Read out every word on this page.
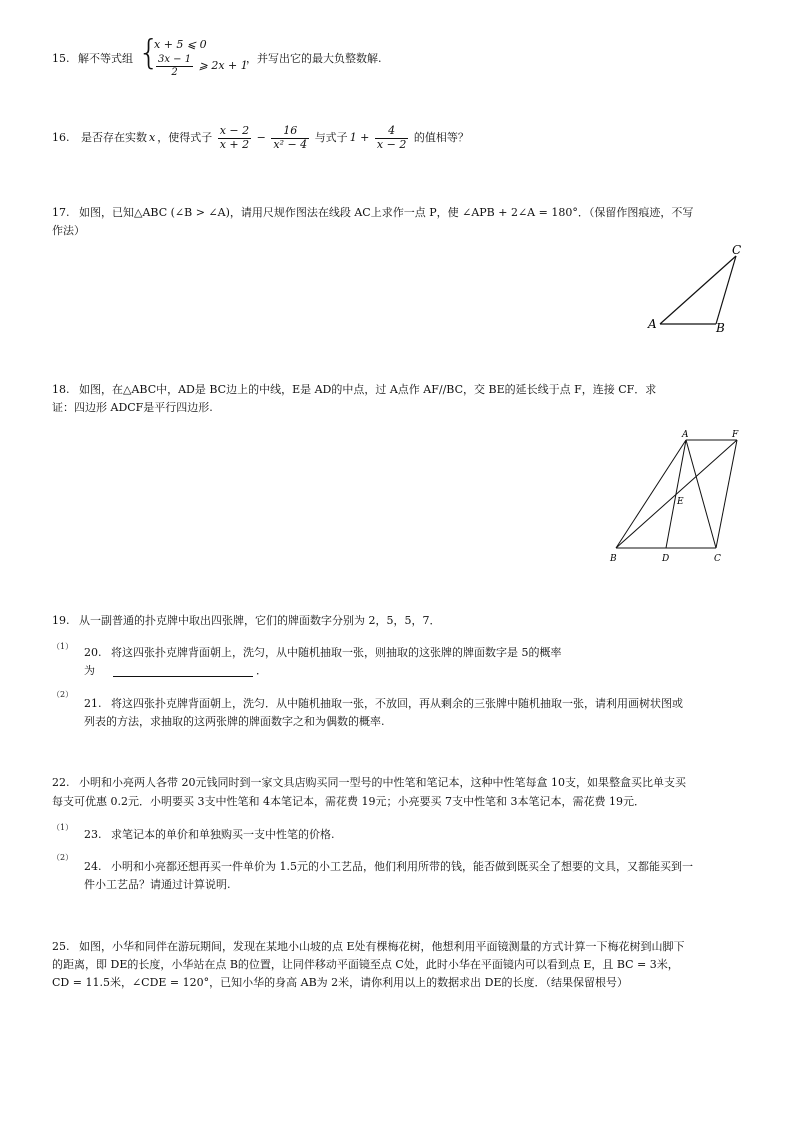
15. 解不等式组 {
x + 5 ⩽ 0
$\frac{3x - 1}{2}$ ⩾ 2x + 1
，并写出它的最大负整数解.
16. 是否存在实数 x ，使得式子 $\frac{x - 2}{x + 2} - \frac{16}{\text{x² − 4}}$ 与式子 $1 + \frac{4}{x - 2}$ 的值相等？
17. 如图，已知△ABC (∠B > ∠A)，请用尺规作图法在线段 AC上求作一点 P，使 ∠APB + 2∠A = 180°．（保留作图痕迹，不写
作法）
A	B
C
18. 如图，在△ABC中，AD是 BC边上的中线，E是 AD的中点，过 A点作 AF//BC，交 BE的延长线于点 F，连接 CF．求
证：四边形 ADCF是平行四边形.
A	F
E
B	D	C
19. 从一副普通的扑克牌中取出四张牌，它们的牌面数字分别为 2，5，5，7．
（1） 20. 将这四张扑克牌背面朝上，洗匀，从中随机抽取一张，则抽取的这张牌的牌面数字是 5的概率
为	．
（2）
21. 将这四张扑克牌背面朝上，洗匀．从中随机抽取一张，不放回，再从剩余的三张牌中随机抽取一张，请利用画树状图或
列表的方法，求抽取的这两张牌的牌面数字之和为偶数的概率.
22. 小明和小亮两人各带 20元钱同时到一家文具店购买同一型号的中性笔和笔记本，这种中性笔每盒 10支，如果整盒买比单支买
每支可优惠 0.2元．小明要买 3支中性笔和 4本笔记本，需花费 19元；小亮要买 7支中性笔和 3本笔记本，需花费 19元．
（1）
23. 求笔记本的单价和单独购买一支中性笔的价格.
（2）
24. 小明和小亮都还想再买一件单价为 1.5元的小工艺品，他们利用所带的钱，能否做到既买全了想要的文具，又都能买到一
件小工艺品？请通过计算说明.
25. 如图，小华和同伴在游玩期间，发现在某地小山坡的点 E处有棵梅花树，他想利用平面镜测量的方式计算一下梅花树到山脚下
的距离，即 DE的长度，小华站在点 B的位置，让同伴移动平面镜至点 C处，此时小华在平面镜内可以看到点 E，且 BC = 3米，
CD = 11.5米，∠CDE = 120°，已知小华的身高 AB为 2米，请你利用以上的数据求出 DE的长度．（结果保留根号）
